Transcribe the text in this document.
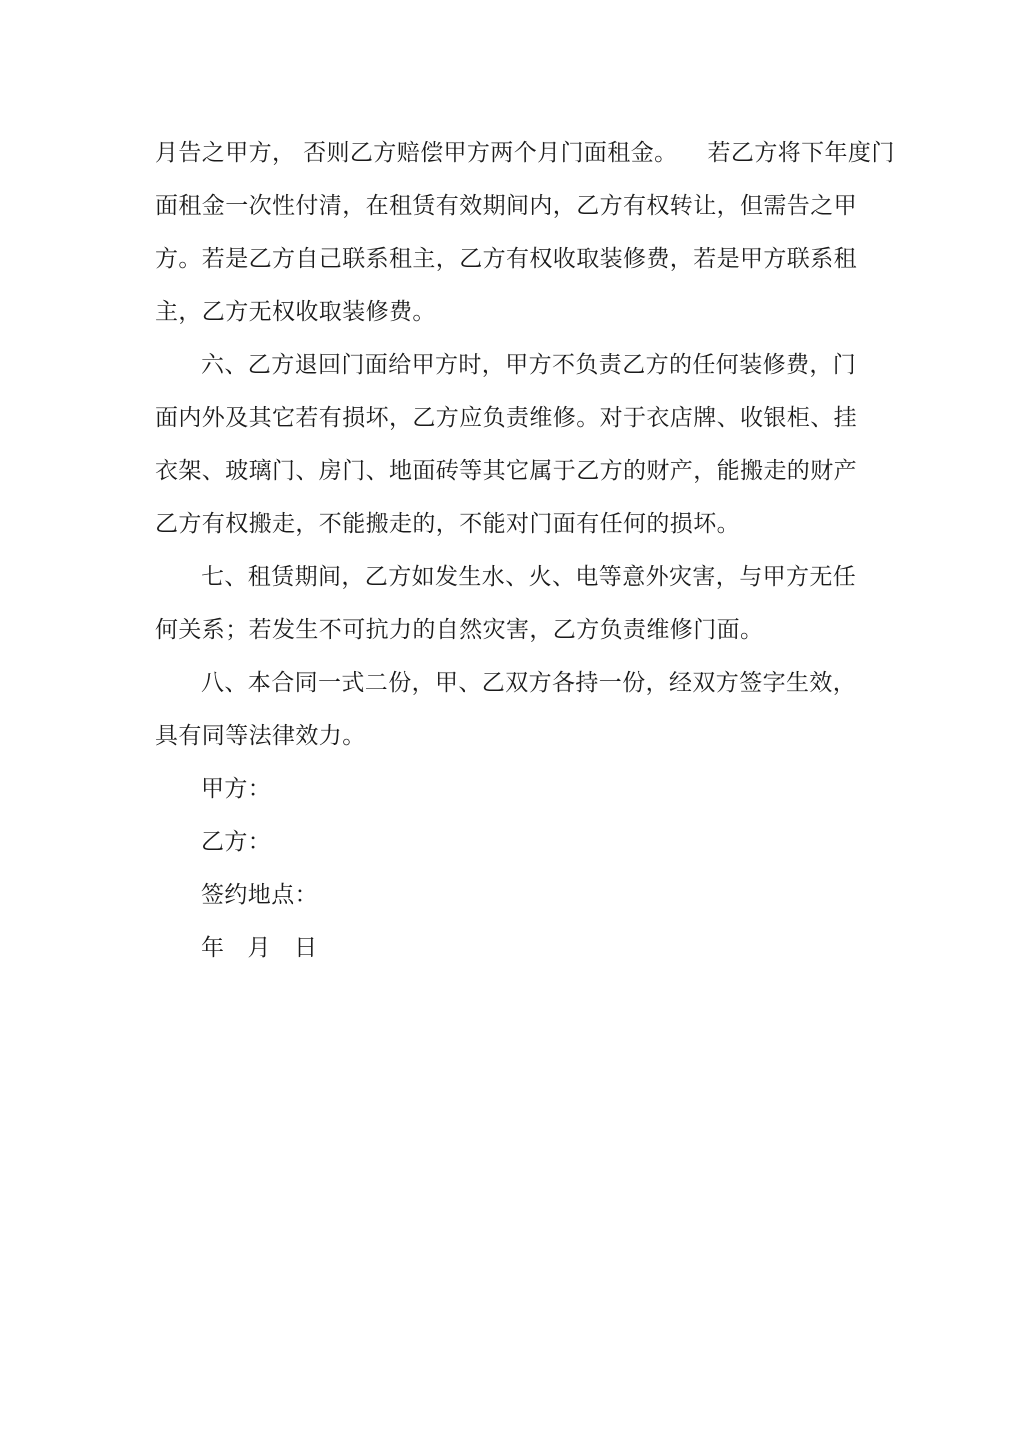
月告之甲方， 否则乙方赔偿甲方两个月门面租金。 若乙方将下年度门
面租金一次性付清，在租赁有效期间内，乙方有权转让，但需告之甲
方。若是乙方自己联系租主，乙方有权收取装修费，若是甲方联系租
主，乙方无权收取装修费。
六、乙方退回门面给甲方时，甲方不负责乙方的任何装修费，门
面内外及其它若有损坏，乙方应负责维修。对于衣店牌、收银柜、挂
衣架、玻璃门、房门、地面砖等其它属于乙方的财产，能搬走的财产
乙方有权搬走，不能搬走的，不能对门面有任何的损坏。
七、租赁期间，乙方如发生水、火、电等意外灾害，与甲方无任
何关系；若发生不可抗力的自然灾害，乙方负责维修门面。
八、本合同一式二份，甲、乙双方各持一份，经双方签字生效，
具有同等法律效力。
甲方：
乙方：
签约地点：
年   月   日
